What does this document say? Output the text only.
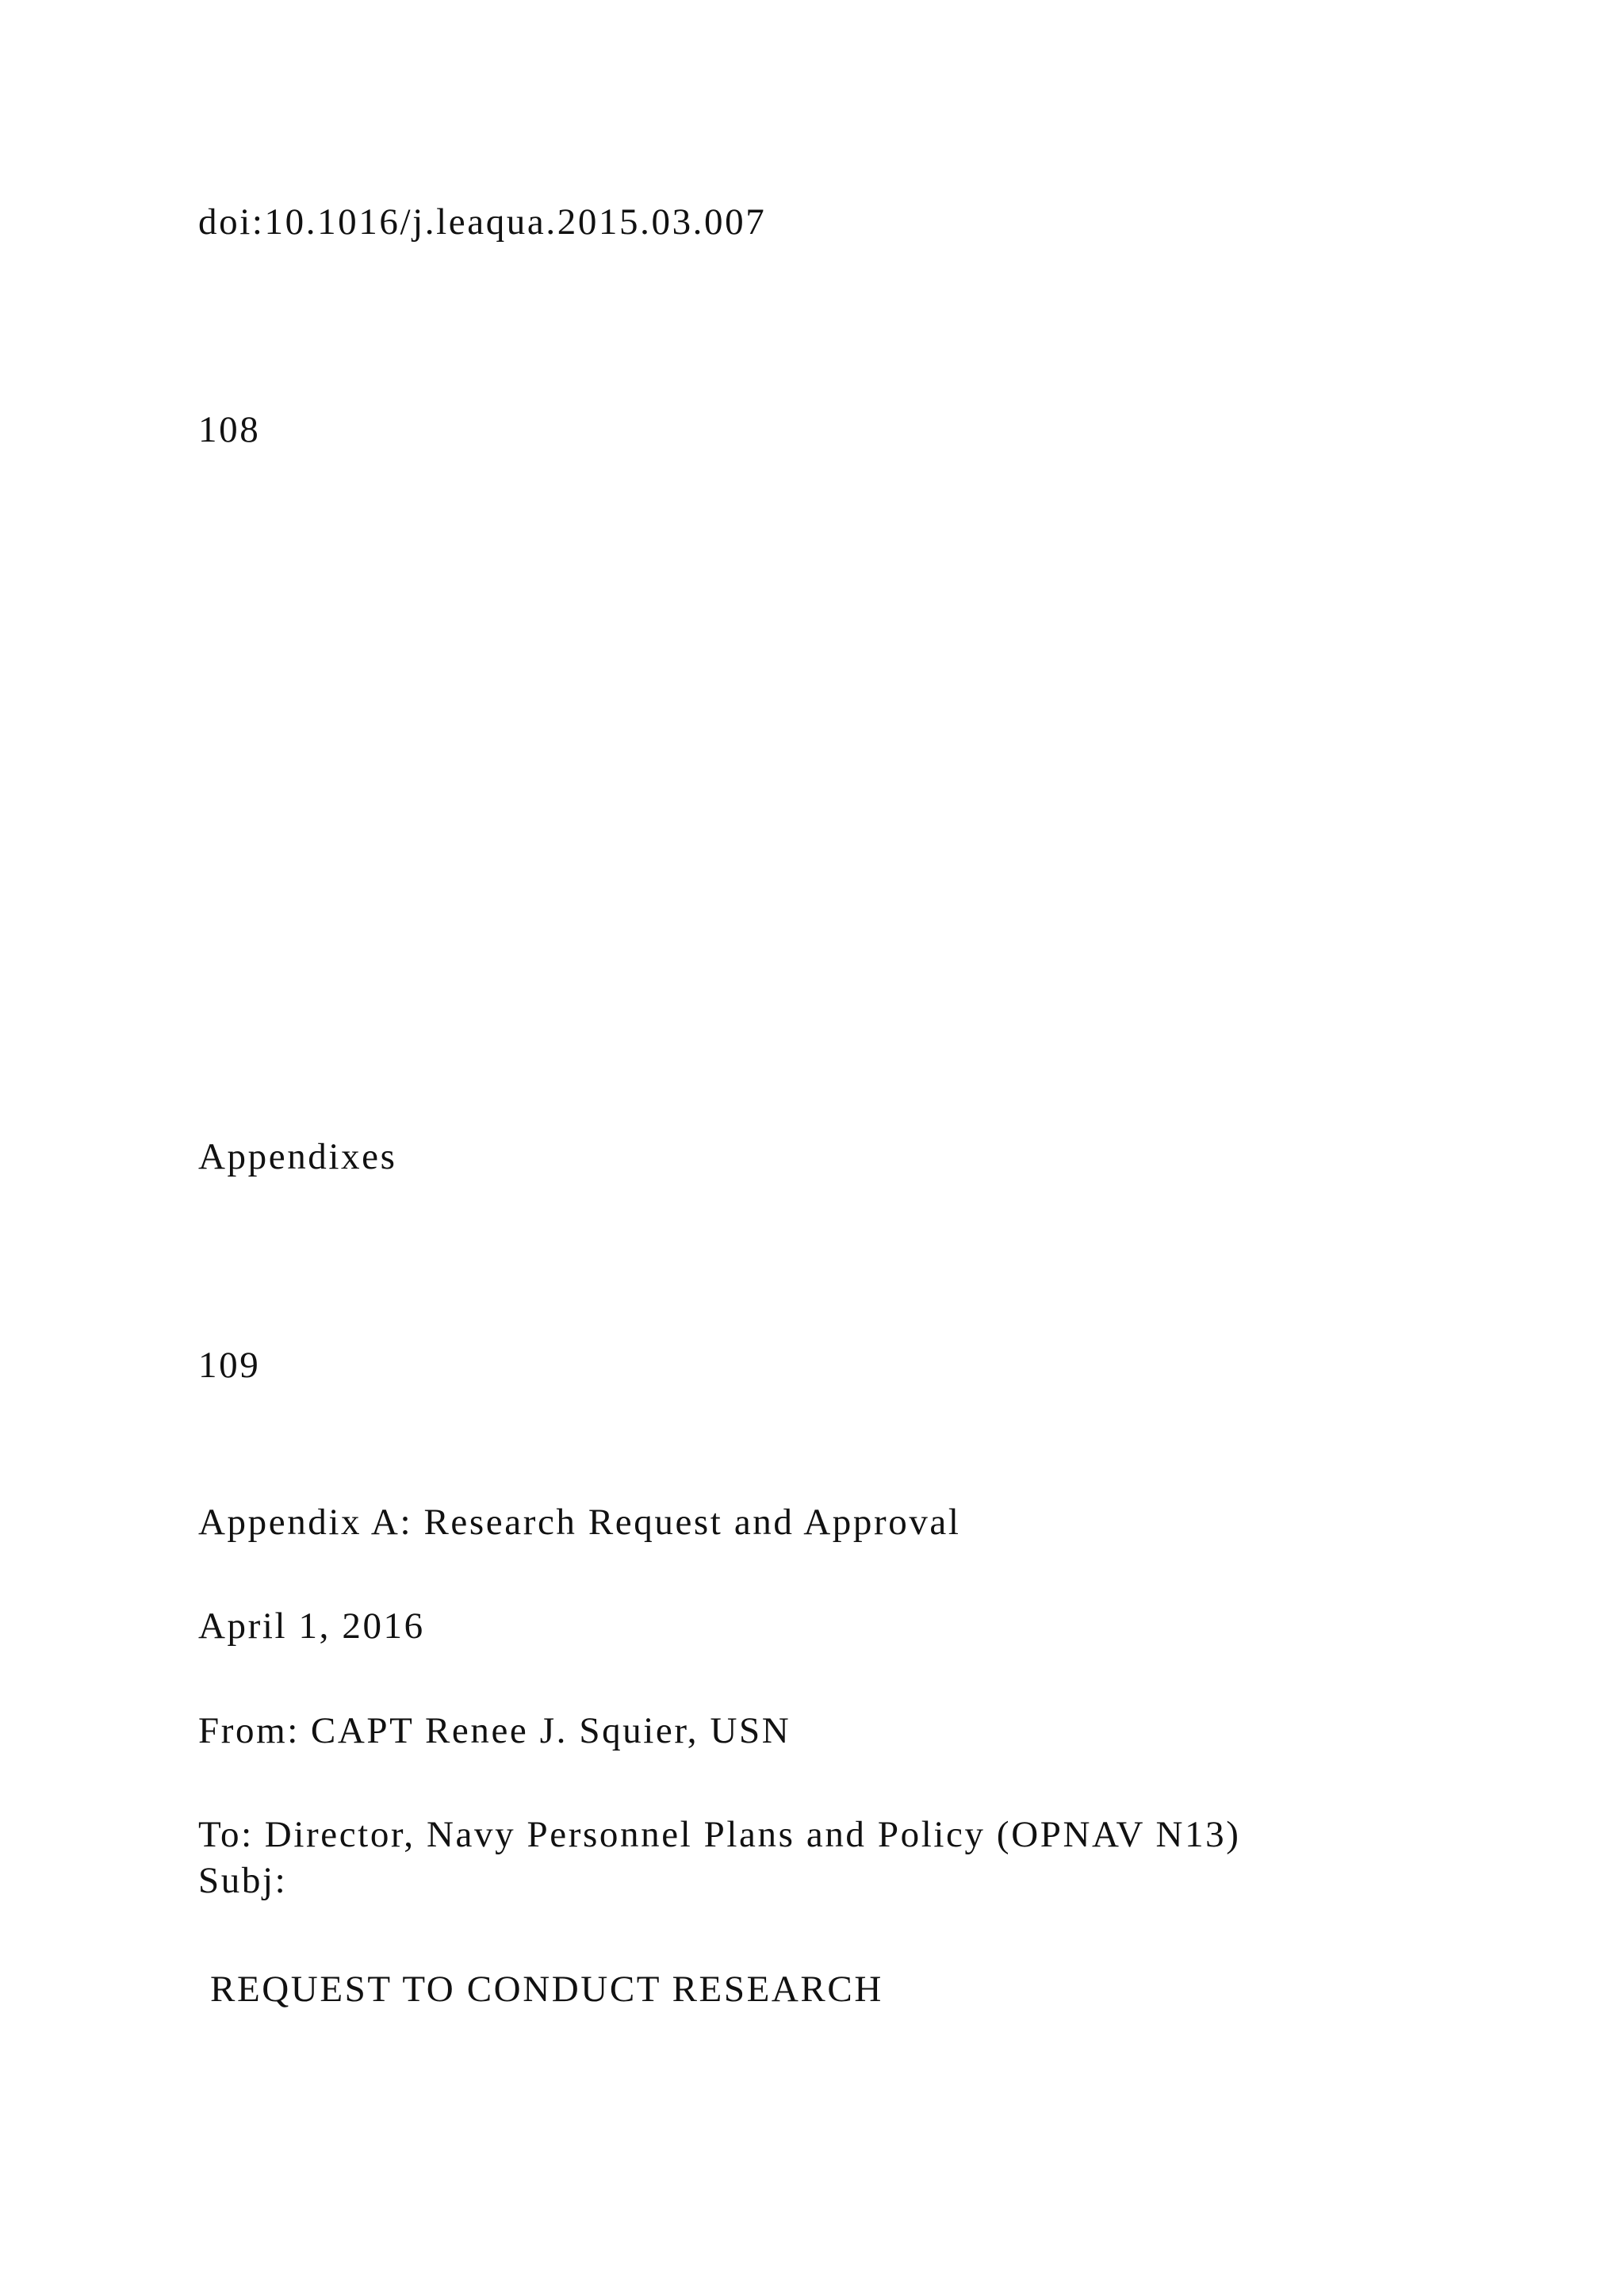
doi:10.1016/j.leaqua.2015.03.007

108

Appendixes

109

Appendix A: Research Request and Approval

April 1, 2016

From: CAPT Renee J. Squier, USN

To: Director, Navy Personnel Plans and Policy (OPNAV N13)

Subj:

REQUEST TO CONDUCT RESEARCH
